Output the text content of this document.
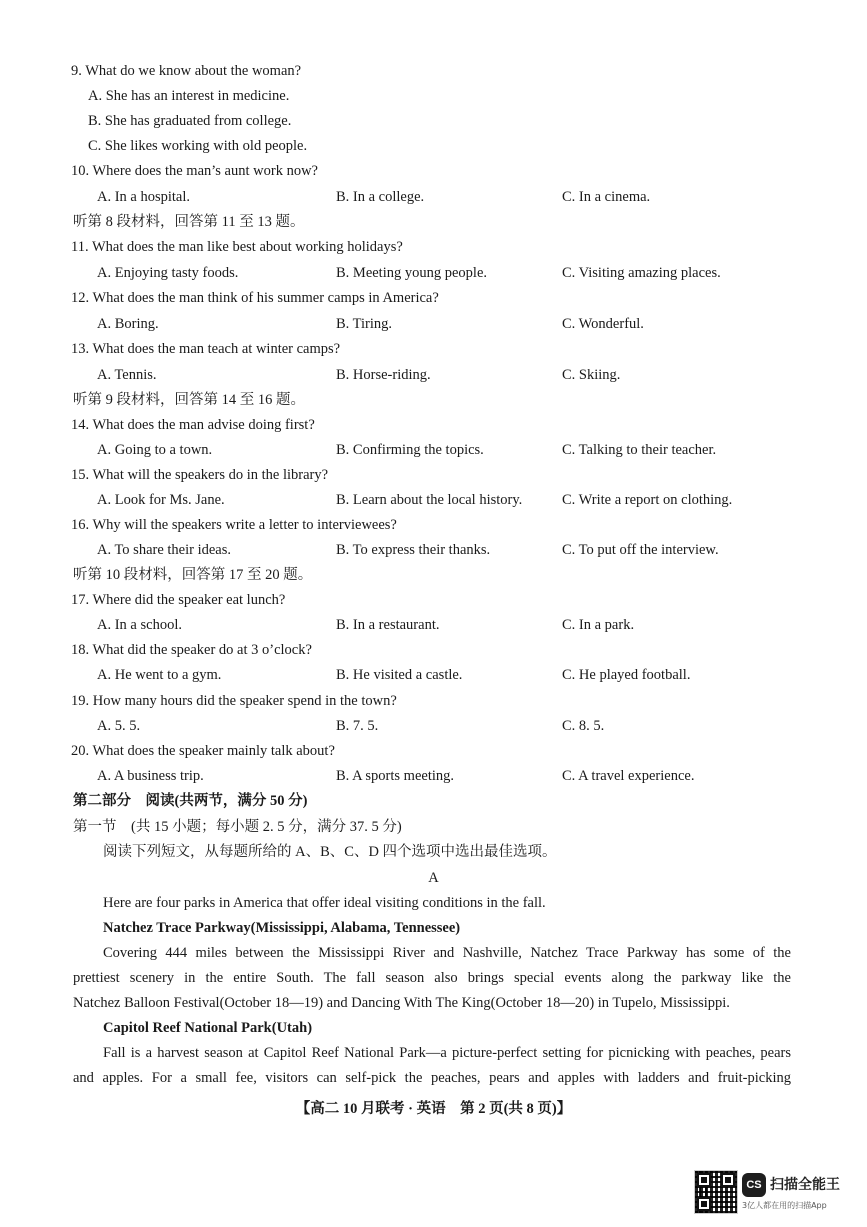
9. What do we know about the woman?
A. She has an interest in medicine.
B. She has graduated from college.
C. She likes working with old people.
10. Where does the man’s aunt work now?
A. In a hospital.	B. In a college.	C. In a cinema.
听第 8 段材料，回答第 11 至 13 题。
11. What does the man like best about working holidays?
A. Enjoying tasty foods.	B. Meeting young people.	C. Visiting amazing places.
12. What does the man think of his summer camps in America?
A. Boring.	B. Tiring.	C. Wonderful.
13. What does the man teach at winter camps?
A. Tennis.	B. Horse-riding.	C. Skiing.
听第 9 段材料，回答第 14 至 16 题。
14. What does the man advise doing first?
A. Going to a town.	B. Confirming the topics.	C. Talking to their teacher.
15. What will the speakers do in the library?
A. Look for Ms. Jane.	B. Learn about the local history.	C. Write a report on clothing.
16. Why will the speakers write a letter to interviewees?
A. To share their ideas.	B. To express their thanks.	C. To put off the interview.
听第 10 段材料，回答第 17 至 20 题。
17. Where did the speaker eat lunch?
A. In a school.	B. In a restaurant.	C. In a park.
18. What did the speaker do at 3 o’clock?
A. He went to a gym.	B. He visited a castle.	C. He played football.
19. How many hours did the speaker spend in the town?
A. 5. 5.	B. 7. 5.	C. 8. 5.
20. What does the speaker mainly talk about?
A. A business trip.	B. A sports meeting.	C. A travel experience.
第二部分　阅读(共两节，满分 50 分)
第一节　(共 15 小题；每小题 2. 5 分，满分 37. 5 分)
阅读下列短文，从每题所给的 A、B、C、D 四个选项中选出最佳选项。
A
Here are four parks in America that offer ideal visiting conditions in the fall.
Natchez Trace Parkway(Mississippi, Alabama, Tennessee)
Covering 444 miles between the Mississippi River and Nashville, Natchez Trace Parkway has some of the
prettiest scenery in the entire South. The fall season also brings special events along the parkway like the
Natchez Balloon Festival(October 18—19) and Dancing With The King(October 18—20) in Tupelo, Mississippi.
Capitol Reef National Park(Utah)
Fall is a harvest season at Capitol Reef National Park—a picture-perfect setting for picnicking with peaches, pears
and apples. For a small fee, visitors can self-pick the peaches, pears and apples with ladders and fruit-picking
【高二 10 月联考 · 英语　第 2 页(共 8 页)】
CS 扫描全能王
3亿人都在用的扫描App
